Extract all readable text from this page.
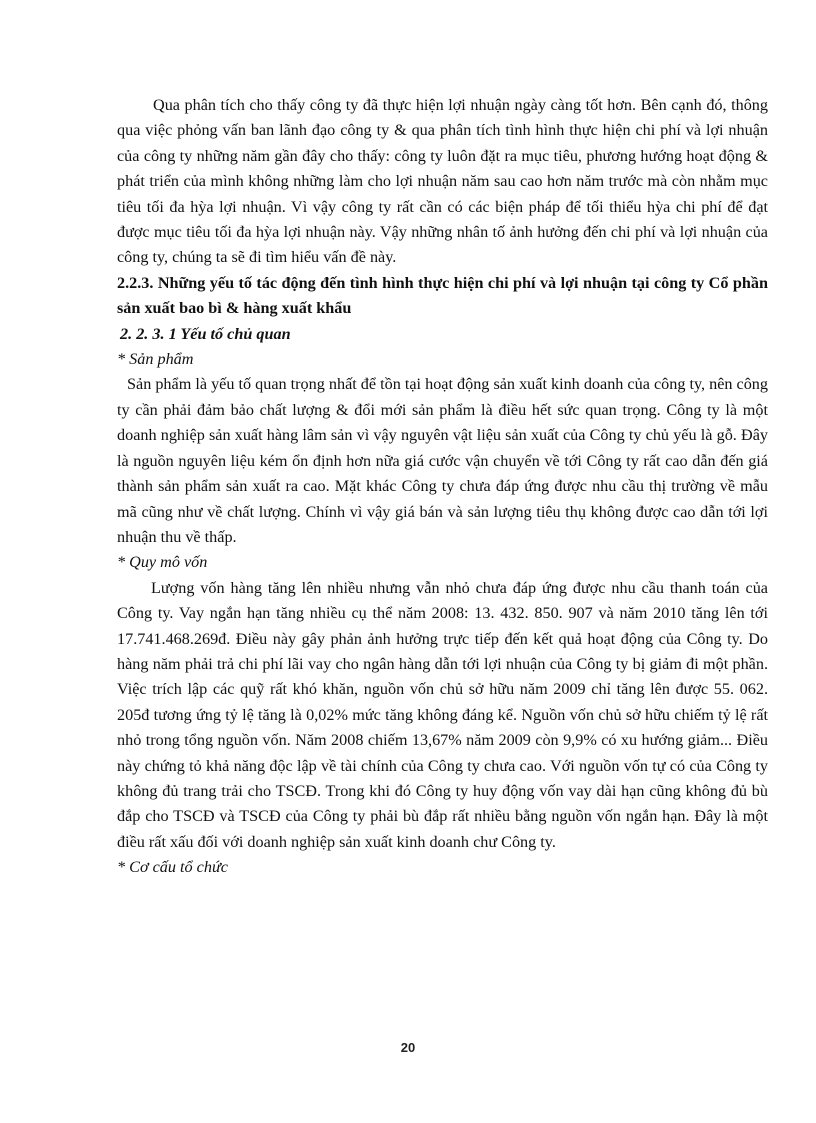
Qua phân tích cho thấy công ty đã thực hiện lợi nhuận ngày càng tốt hơn. Bên cạnh đó, thông qua việc phỏng vấn ban lãnh đạo công ty & qua phân tích tình hình thực hiện chi phí và lợi nhuận của công ty những năm gần đây cho thấy: công ty luôn đặt ra mục tiêu, phương hướng hoạt động & phát triển của mình không những làm cho lợi nhuận năm sau cao hơn năm trước mà còn nhằm mục tiêu tối đa hỳa lợi nhuận. Vì vậy công ty rất cần có các biện pháp để tối thiểu hỳa chi phí để đạt được mục tiêu tối đa hỳa lợi nhuận này. Vậy những nhân tố ảnh hưởng đến chi phí và lợi nhuận của công ty, chúng ta sẽ đi tìm hiểu vấn đề này.

2.2.3. Những yếu tố tác động đến tình hình thực hiện chi phí và lợi nhuận tại công ty Cổ phần sản xuất bao bì & hàng xuất khẩu

2. 2. 3. 1 Yếu tố chủ quan

* Sản phẩm

Sản phẩm là yếu tố quan trọng nhất để tồn tại hoạt động sản xuất kinh doanh của công ty, nên công ty cần phải đảm bảo chất lượng & đổi mới sản phẩm là điều hết sức quan trọng. Công ty là một doanh nghiệp sản xuất hàng lâm sản vì vậy nguyên vật liệu sản xuất của Công ty chủ yếu là gỗ. Đây là nguồn nguyên liệu kém ổn định hơn nữa giá cước vận chuyển về tới Công ty rất cao dẫn đến giá thành sản phẩm sản xuất ra cao. Mặt khác Công ty chưa đáp ứng được nhu cầu thị trường về mẫu mã cũng như về chất lượng. Chính vì vậy giá bán và sản lượng tiêu thụ không được cao dẫn tới lợi nhuận thu về thấp.

* Quy mô vốn

Lượng vốn hàng tăng lên nhiều nhưng vẫn nhỏ chưa đáp ứng được nhu cầu thanh toán của Công ty. Vay ngắn hạn tăng nhiều cụ thể năm 2008: 13. 432. 850. 907 và năm 2010 tăng lên tới 17.741.468.269đ. Điều này gây phản ảnh hưởng trực tiếp đến kết quả hoạt động của Công ty. Do hàng năm phải trả chi phí lãi vay cho ngân hàng dẫn tới lợi nhuận của Công ty bị giảm đi một phần. Việc trích lập các quỹ rất khó khăn, nguồn vốn chủ sở hữu năm 2009 chỉ tăng lên được 55. 062. 205đ tương ứng tỷ lệ tăng là 0,02% mức tăng không đáng kể. Nguồn vốn chủ sở hữu chiếm tỷ lệ rất nhỏ trong tổng nguồn vốn. Năm 2008 chiếm 13,67% năm 2009 còn 9,9% có xu hướng giảm... Điều này chứng tỏ khả năng độc lập về tài chính của Công ty chưa cao. Với nguồn vốn tự có của Công ty không đủ trang trải cho TSCĐ. Trong khi đó Công ty huy động vốn vay dài hạn cũng không đủ bù đắp cho TSCĐ và TSCĐ của Công ty phải bù đắp rất nhiều bằng nguồn vốn ngắn hạn. Đây là một điều rất xấu đối với doanh nghiệp sản xuất kinh doanh chư Công ty.

* Cơ cấu tổ chức

20
